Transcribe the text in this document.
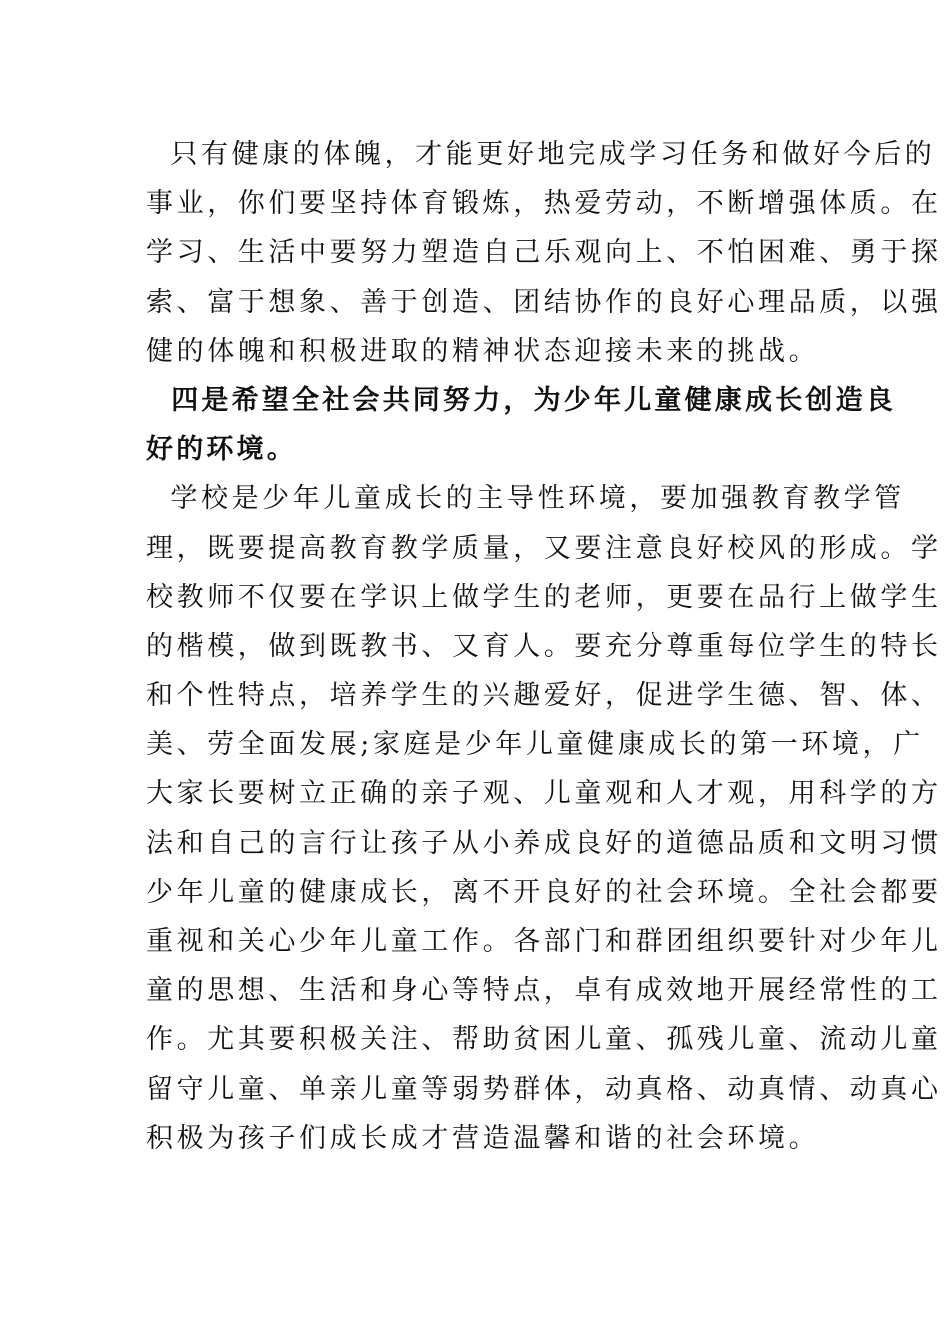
只有健康的体魄，才能更好地完成学习任务和做好今后的
事业，你们要坚持体育锻炼，热爱劳动，不断增强体质。在
学习、生活中要努力塑造自己乐观向上、不怕困难、勇于探
索、富于想象、善于创造、团结协作的良好心理品质，以强
健的体魄和积极进取的精神状态迎接未来的挑战。
四是希望全社会共同努力，为少年儿童健康成长创造良
好的环境。
学校是少年儿童成长的主导性环境，要加强教育教学管
理，既要提高教育教学质量，又要注意良好校风的形成。学
校教师不仅要在学识上做学生的老师，更要在品行上做学生
的楷模，做到既教书、又育人。要充分尊重每位学生的特长
和个性特点，培养学生的兴趣爱好，促进学生德、智、体、
美、劳全面发展;家庭是少年儿童健康成长的第一环境，广
大家长要树立正确的亲子观、儿童观和人才观，用科学的方
法和自己的言行让孩子从小养成良好的道德品质和文明习惯
少年儿童的健康成长，离不开良好的社会环境。全社会都要
重视和关心少年儿童工作。各部门和群团组织要针对少年儿
童的思想、生活和身心等特点，卓有成效地开展经常性的工
作。尤其要积极关注、帮助贫困儿童、孤残儿童、流动儿童
留守儿童、单亲儿童等弱势群体，动真格、动真情、动真心
积极为孩子们成长成才营造温馨和谐的社会环境。
